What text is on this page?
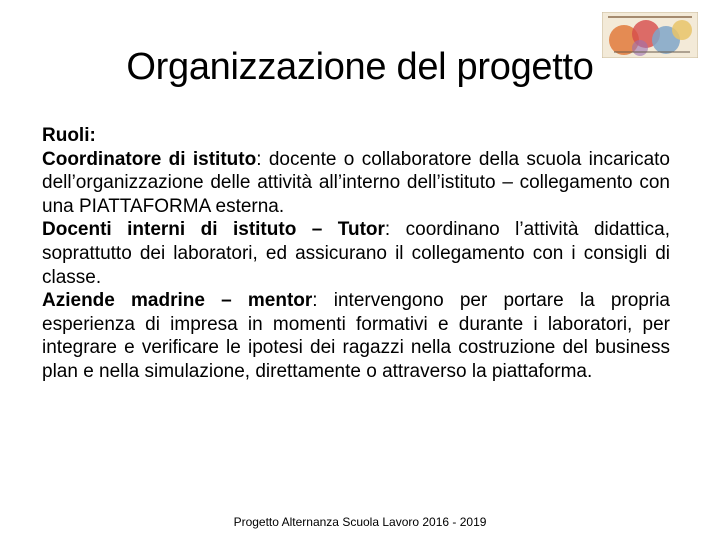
Organizzazione del progetto

Ruoli:

Coordinatore di istituto: docente o collaboratore della scuola incaricato dell’organizzazione delle attività all’interno dell’istituto – collegamento con una PIATTAFORMA esterna.

Docenti interni di istituto – Tutor: coordinano l’attività didattica, soprattutto dei laboratori, ed assicurano il collegamento con i consigli di classe.

Aziende madrine – mentor: intervengono per portare la propria esperienza di impresa in momenti formativi e durante i laboratori, per integrare e verificare le ipotesi dei ragazzi nella costruzione del business plan e nella simulazione, direttamente o attraverso la piattaforma.

Progetto Alternanza Scuola Lavoro 2016 - 2019
